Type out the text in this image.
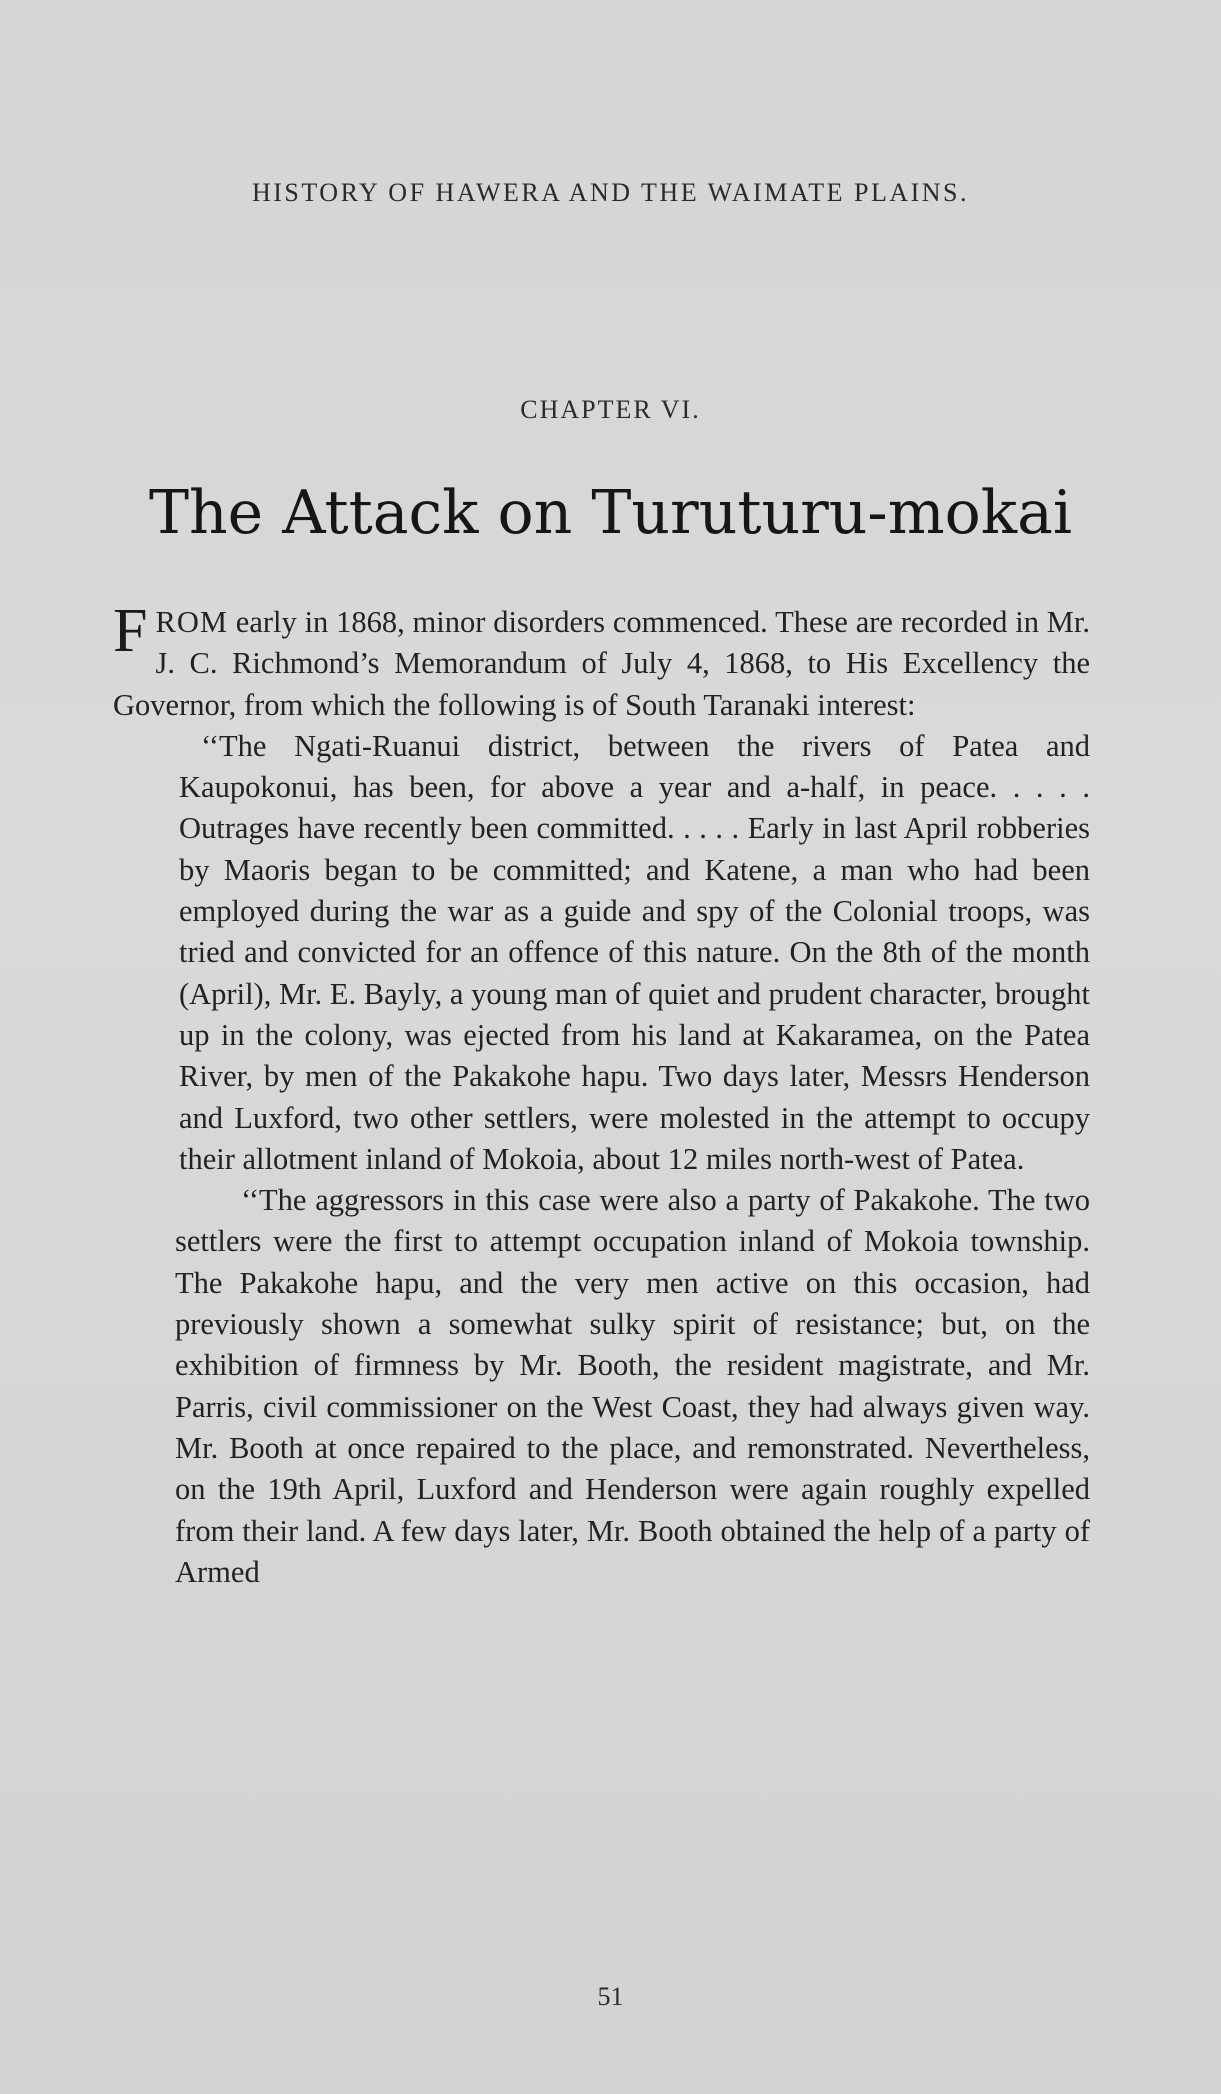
HISTORY OF HAWERA AND THE WAIMATE PLAINS.
CHAPTER VI.
The Attack on Turuturu-mokai

FROM early in 1868, minor disorders commenced. These are recorded in Mr. J. C. Richmond’s Memorandum of July 4, 1868, to His Excellency the Governor, from which the following is of South Taranaki interest:

‘‘The Ngati-Ruanui district, between the rivers of Patea and Kaupokonui, has been, for above a year and a-half, in peace. . . . . Outrages have recently been committed. . . . . Early in last April robberies by Maoris began to be committed; and Katene, a man who had been employed during the war as a guide and spy of the Colonial troops, was tried and convicted for an offence of this nature. On the 8th of the month (April), Mr. E. Bayly, a young man of quiet and prudent character, brought up in the colony, was ejected from his land at Kakaramea, on the Patea River, by men of the Pakakohe hapu. Two days later, Messrs Henderson and Luxford, two other settlers, were molested in the attempt to occupy their allotment inland of Mokoia, about 12 miles north-west of Patea.

‘‘The aggressors in this case were also a party of Pakakohe. The two settlers were the first to attempt occupation inland of Mokoia township. The Pakakohe hapu, and the very men active on this occasion, had previously shown a somewhat sulky spirit of resistance; but, on the exhibition of firmness by Mr. Booth, the resident magistrate, and Mr. Parris, civil commissioner on the West Coast, they had always given way. Mr. Booth at once repaired to the place, and remonstrated. Nevertheless, on the 19th April, Luxford and Henderson were again roughly expelled from their land. A few days later, Mr. Booth obtained the help of a party of Armed

51
